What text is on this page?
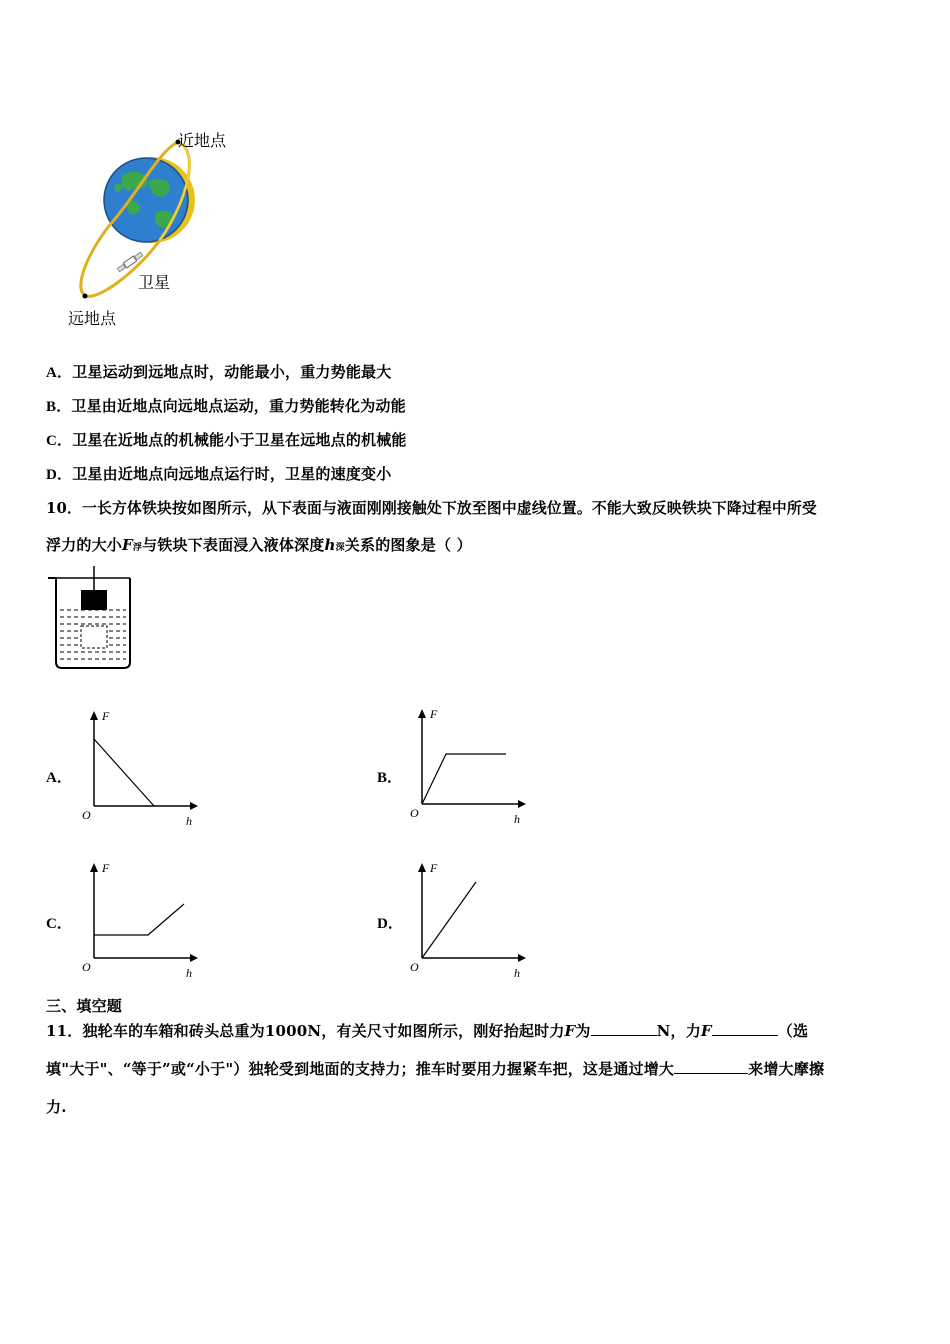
近地点
卫星
远地点
A．卫星运动到远地点时，动能最小，重力势能最大
B．卫星由近地点向远地点运动，重力势能转化为动能
C．卫星在近地点的机械能小于卫星在远地点的机械能
D．卫星由近地点向远地点运行时，卫星的速度变小
10．一长方体铁块按如图所示，从下表面与液面刚刚接触处下放至图中虚线位置。不能大致反映铁块下降过程中所受
浮力的大小F浮与铁块下表面浸入液体深度h深关系的图象是（ ）
A．
F
h
O
B．
F
h
O
C．
F
h
O
D．
F
h
O
三、填空题
11．独轮车的车箱和砖头总重为1000N，有关尺寸如图所示，刚好抬起时力F为	N，力F	（选
填"大于"、“等于”或“小于"）独轮受到地面的支持力；推车时要用力握紧车把，这是通过增大	来增大摩擦
力.
